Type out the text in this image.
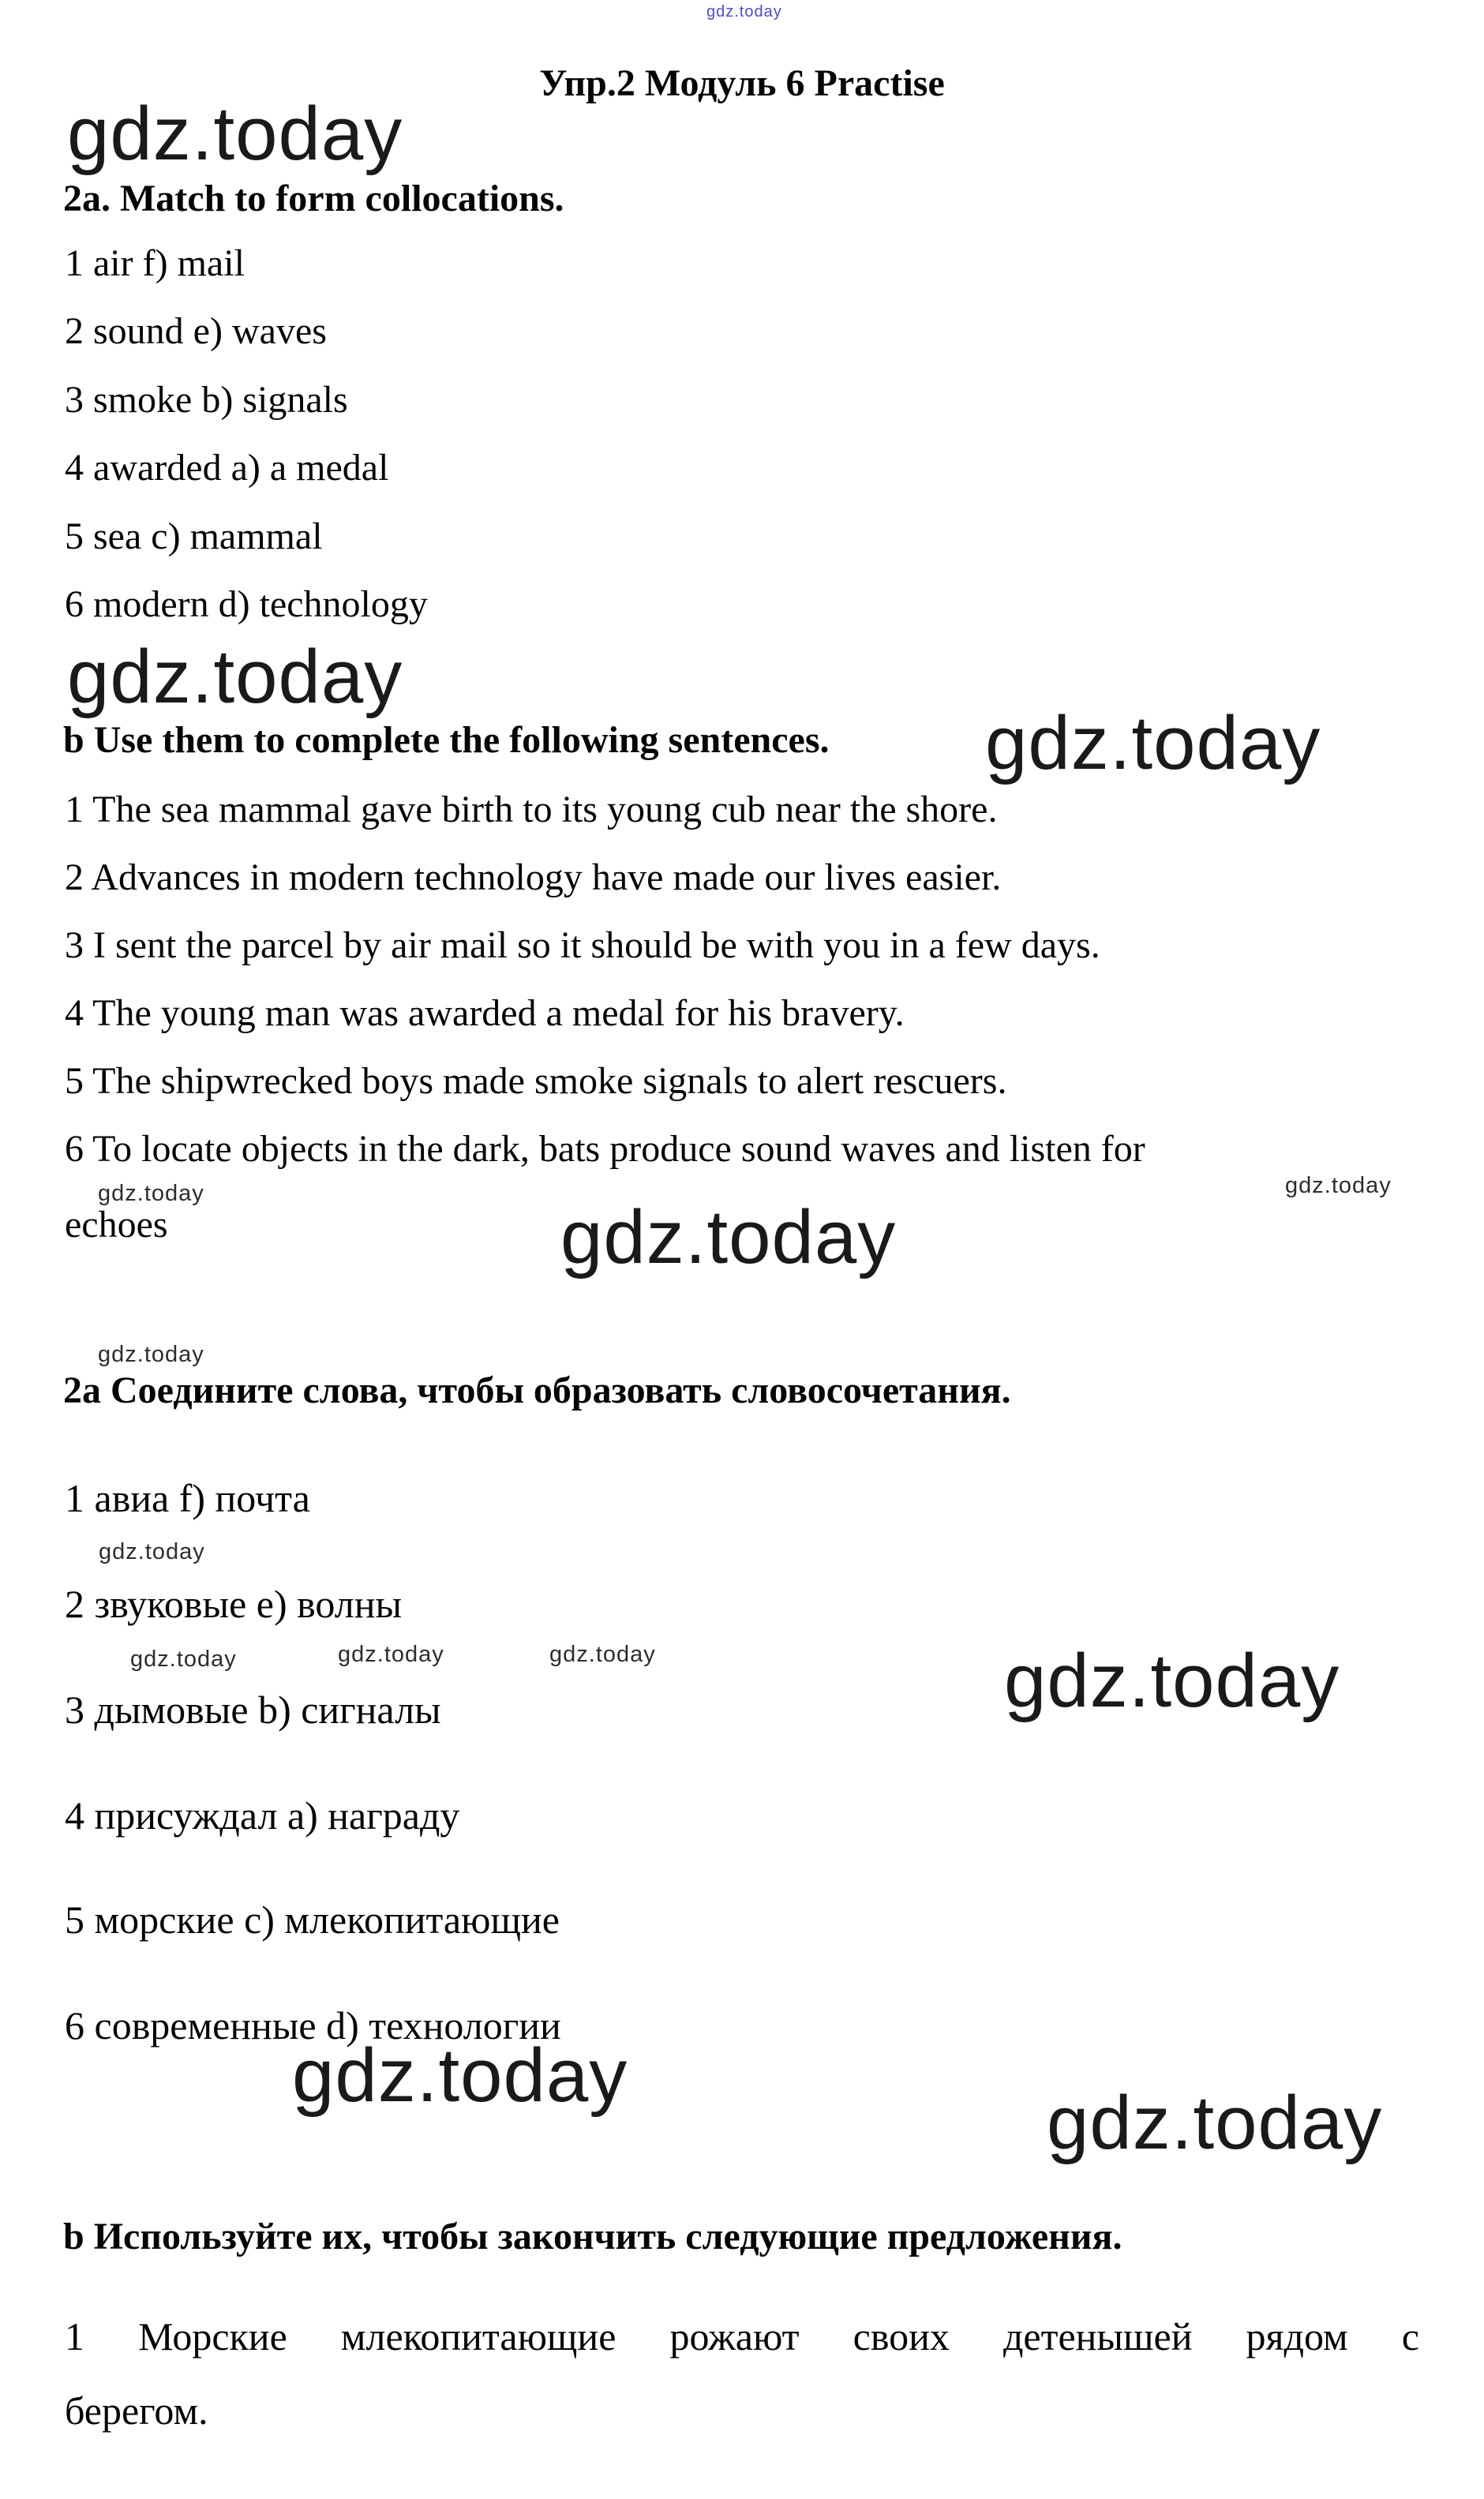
gdz.today
Упр.2 Модуль 6 Practise
gdz.today
2a. Match to form collocations.
1 air f) mail
2 sound e) waves
3 smoke b) signals
4 awarded a) a medal
5 sea c) mammal
6 modern d) technology
gdz.today
b Use them to complete the following sentences. gdz.today
1 The sea mammal gave birth to its young cub near the shore.
2 Advances in modern technology have made our lives easier.
3 I sent the parcel by air mail so it should be with you in a few days.
4 The young man was awarded a medal for his bravery.
5 The shipwrecked boys made smoke signals to alert rescuers.
6 To locate objects in the dark, bats produce sound waves and listen for
gdz.today
gdz.today
echoes	gdz.today
gdz.today
2а Соедините слова, чтобы образовать словосочетания.
1 авиа f) почта
gdz.today
2 звуковые е) волны
gdz.today	gdz.today	gdz.today	gdz.today
3 дымовые b) сигналы
4 присуждал а) награду
5 морские с) млекопитающие
6 современные d) технологии
gdz.today
gdz.today
b Используйте их, чтобы закончить следующие предложения.
1 Морские млекопитающие рожают своих детенышей рядом с
берегом.
